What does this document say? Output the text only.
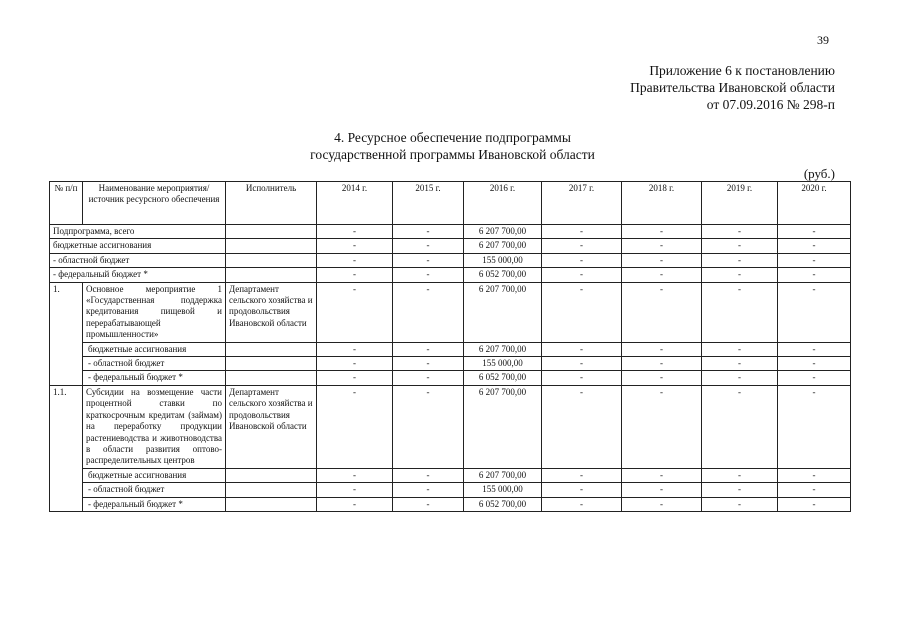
39
Приложение 6 к постановлению
Правительства Ивановской области
от 07.09.2016 № 298-п
4. Ресурсное обеспечение подпрограммы
государственной программы Ивановской области
(руб.)
№ п/п	Наименование мероприятия/ источник ресурсного обеспечения	Исполнитель	2014 г.	2015 г.	2016 г.	2017 г.	2018 г.	2019 г.	2020 г.
Подпрограмма, всего			-	-	6 207 700,00	-	-	-	-
бюджетные ассигнования			-	-	6 207 700,00	-	-	-	-
- областной бюджет			-	-	155 000,00	-	-	-	-
- федеральный бюджет *			-	-	6 052 700,00	-	-	-	-
1.	Основное мероприятие 1 «Государственная поддержка кредитования пищевой и перерабатывающей промышленности»	Департамент сельского хозяйства и продовольствия Ивановской области	-	-	6 207 700,00	-	-	-	-
	бюджетные ассигнования		-	-	6 207 700,00	-	-	-	-
	- областной бюджет		-	-	155 000,00	-	-	-	-
	- федеральный бюджет *		-	-	6 052 700,00	-	-	-	-
1.1.	Субсидии на возмещение части процентной ставки по краткосрочным кредитам (займам) на переработку продукции растениеводства и животноводства в области развития оптово-распределительных центров	Департамент сельского хозяйства и продовольствия Ивановской области	-	-	6 207 700,00	-	-	-	-
	бюджетные ассигнования		-	-	6 207 700,00	-	-	-	-
	- областной бюджет		-	-	155 000,00	-	-	-	-
	- федеральный бюджет *		-	-	6 052 700,00	-	-	-	-
